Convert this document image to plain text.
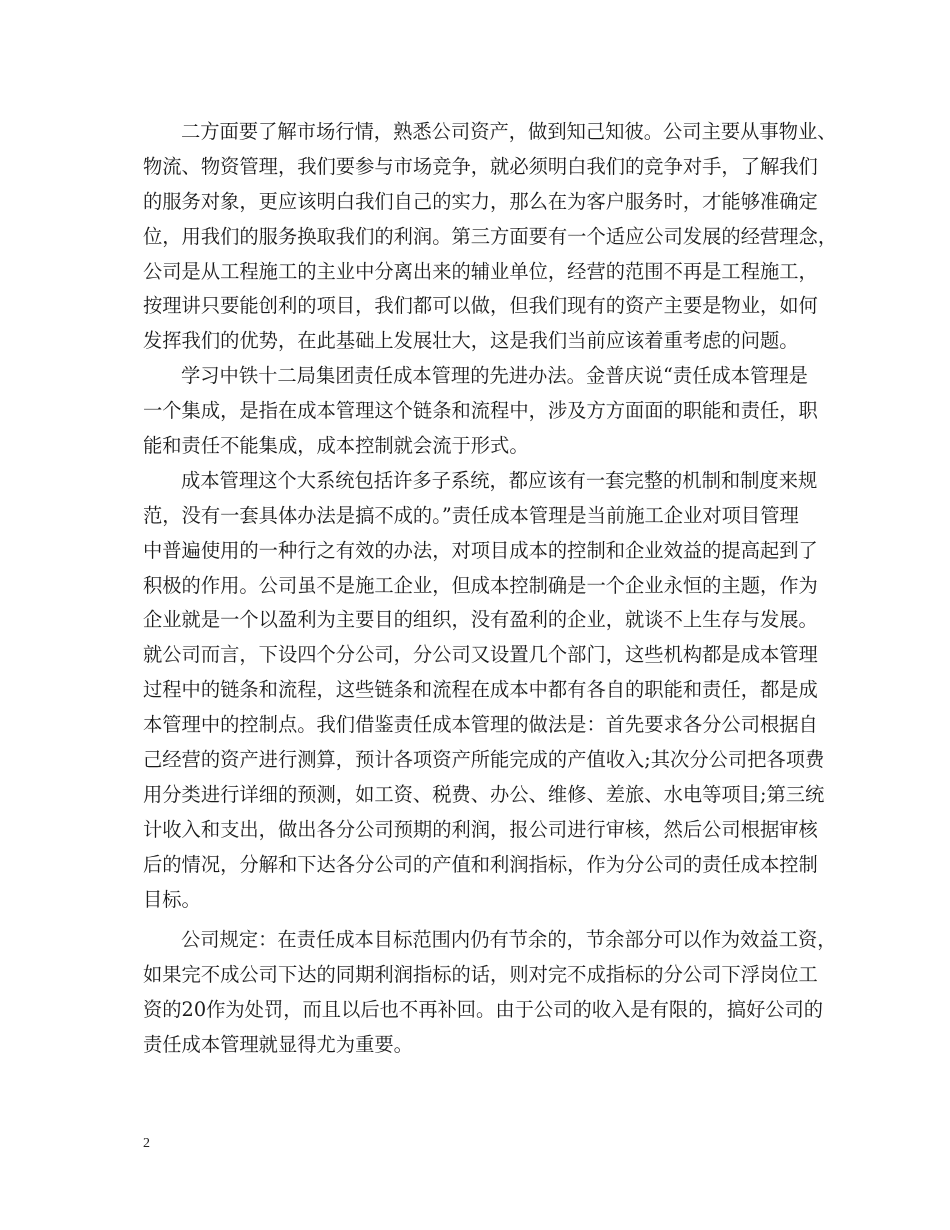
二方面要了解市场行情，熟悉公司资产，做到知己知彼。公司主要从事物业、
物流、物资管理，我们要参与市场竞争，就必须明白我们的竞争对手，了解我们
的服务对象，更应该明白我们自己的实力，那么在为客户服务时，才能够准确定
位，用我们的服务换取我们的利润。第三方面要有一个适应公司发展的经营理念，
公司是从工程施工的主业中分离出来的辅业单位，经营的范围不再是工程施工，
按理讲只要能创利的项目，我们都可以做，但我们现有的资产主要是物业，如何
发挥我们的优势，在此基础上发展壮大，这是我们当前应该着重考虑的问题。
学习中铁十二局集团责任成本管理的先进办法。金普庆说“责任成本管理是
一个集成，是指在成本管理这个链条和流程中，涉及方方面面的职能和责任，职
能和责任不能集成，成本控制就会流于形式。
成本管理这个大系统包括许多子系统，都应该有一套完整的机制和制度来规
范，没有一套具体办法是搞不成的。”责任成本管理是当前施工企业对项目管理
中普遍使用的一种行之有效的办法，对项目成本的控制和企业效益的提高起到了
积极的作用。公司虽不是施工企业，但成本控制确是一个企业永恒的主题，作为
企业就是一个以盈利为主要目的组织，没有盈利的企业，就谈不上生存与发展。
就公司而言，下设四个分公司，分公司又设置几个部门，这些机构都是成本管理
过程中的链条和流程，这些链条和流程在成本中都有各自的职能和责任，都是成
本管理中的控制点。我们借鉴责任成本管理的做法是：首先要求各分公司根据自
己经营的资产进行测算，预计各项资产所能完成的产值收入;其次分公司把各项费
用分类进行详细的预测，如工资、税费、办公、维修、差旅、水电等项目;第三统
计收入和支出，做出各分公司预期的利润，报公司进行审核，然后公司根据审核
后的情况，分解和下达各分公司的产值和利润指标，作为分公司的责任成本控制
目标。
公司规定：在责任成本目标范围内仍有节余的，节余部分可以作为效益工资，
如果完不成公司下达的同期利润指标的话，则对完不成指标的分公司下浮岗位工
资的20作为处罚，而且以后也不再补回。由于公司的收入是有限的，搞好公司的
责任成本管理就显得尤为重要。
2
